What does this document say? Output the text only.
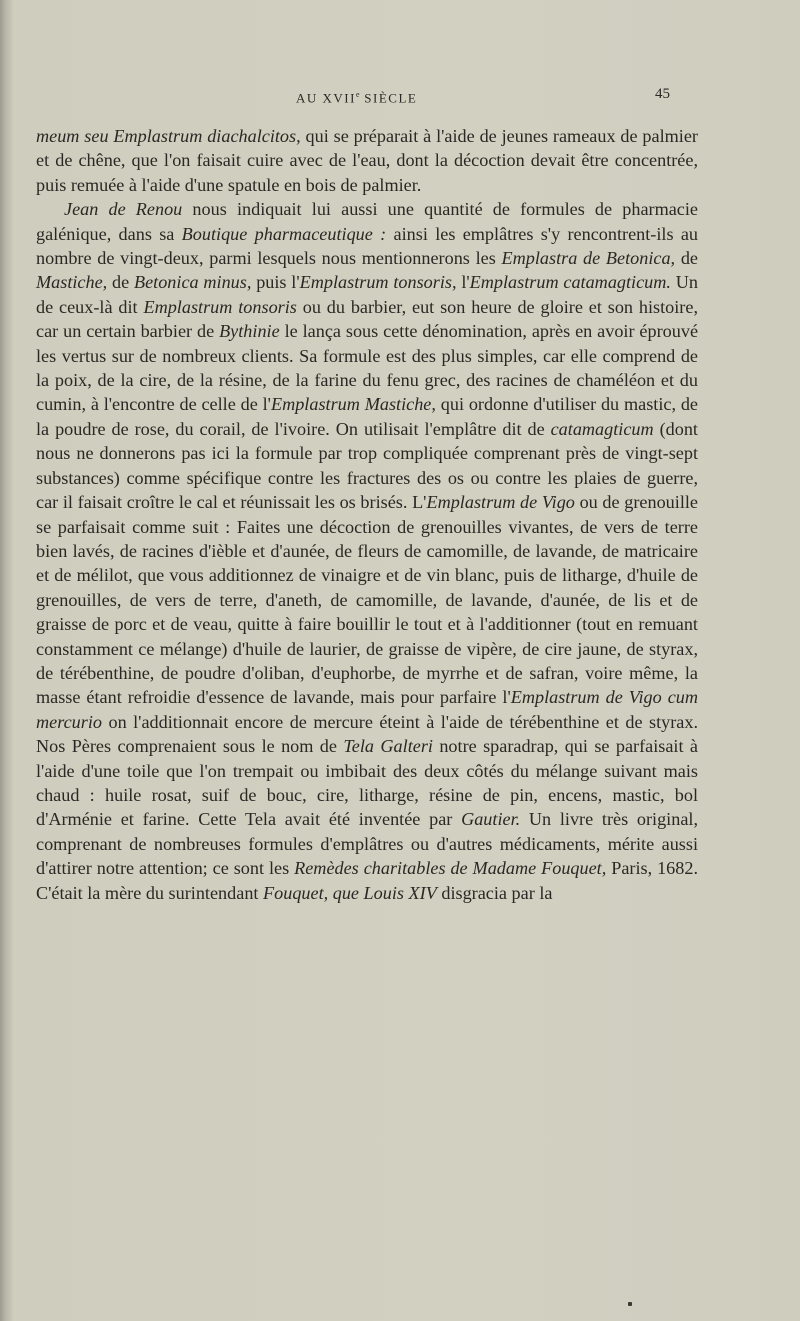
AU XVIIe SIÈCLE	45

meum seu Emplastrum diachalcitos, qui se préparait à l'aide de jeunes rameaux de palmier et de chêne, que l'on faisait cuire avec de l'eau, dont la décoction devait être concentrée, puis remuée à l'aide d'une spatule en bois de palmier.

Jean de Renou nous indiquait lui aussi une quantité de formules de pharmacie galénique, dans sa Boutique pharmaceutique : ainsi les emplâtres s'y rencontrent-ils au nombre de vingt-deux, parmi lesquels nous mentionnerons les Emplastra de Betonica, de Mastiche, de Betonica minus, puis l'Emplastrum tonsoris, l'Emplastrum catamagticum. Un de ceux-là dit Emplastrum tonsoris ou du barbier, eut son heure de gloire et son histoire, car un certain barbier de Bythinie le lança sous cette dénomination, après en avoir éprouvé les vertus sur de nombreux clients. Sa formule est des plus simples, car elle comprend de la poix, de la cire, de la résine, de la farine du fenu grec, des racines de chaméléon et du cumin, à l'encontre de celle de l'Emplastrum Mastiche, qui ordonne d'utiliser du mastic, de la poudre de rose, du corail, de l'ivoire. On utilisait l'emplâtre dit de catamagticum (dont nous ne donnerons pas ici la formule par trop compliquée comprenant près de vingt-sept substances) comme spécifique contre les fractures des os ou contre les plaies de guerre, car il faisait croître le cal et réunissait les os brisés. L'Emplastrum de Vigo ou de grenouille se parfaisait comme suit : Faites une décoction de grenouilles vivantes, de vers de terre bien lavés, de racines d'ièble et d'aunée, de fleurs de camomille, de lavande, de matricaire et de mélilot, que vous additionnez de vinaigre et de vin blanc, puis de litharge, d'huile de grenouilles, de vers de terre, d'aneth, de camomille, de lavande, d'aunée, de lis et de graisse de porc et de veau, quitte à faire bouillir le tout et à l'additionner (tout en remuant constamment ce mélange) d'huile de laurier, de graisse de vipère, de cire jaune, de styrax, de térébenthine, de poudre d'oliban, d'euphorbe, de myrrhe et de safran, voire même, la masse étant refroidie d'essence de lavande, mais pour parfaire l'Emplastrum de Vigo cum mercurio on l'additionnait encore de mercure éteint à l'aide de térébenthine et de styrax. Nos Pères comprenaient sous le nom de Tela Galteri notre sparadrap, qui se parfaisait à l'aide d'une toile que l'on trempait ou imbibait des deux côtés du mélange suivant mais chaud : huile rosat, suif de bouc, cire, litharge, résine de pin, encens, mastic, bol d'Arménie et farine. Cette Tela avait été inventée par Gautier. Un livre très original, comprenant de nombreuses formules d'emplâtres ou d'autres médicaments, mérite aussi d'attirer notre attention; ce sont les Remèdes charitables de Madame Fouquet, Paris, 1682. C'était la mère du surintendant Fouquet, que Louis XIV disgracia par la
